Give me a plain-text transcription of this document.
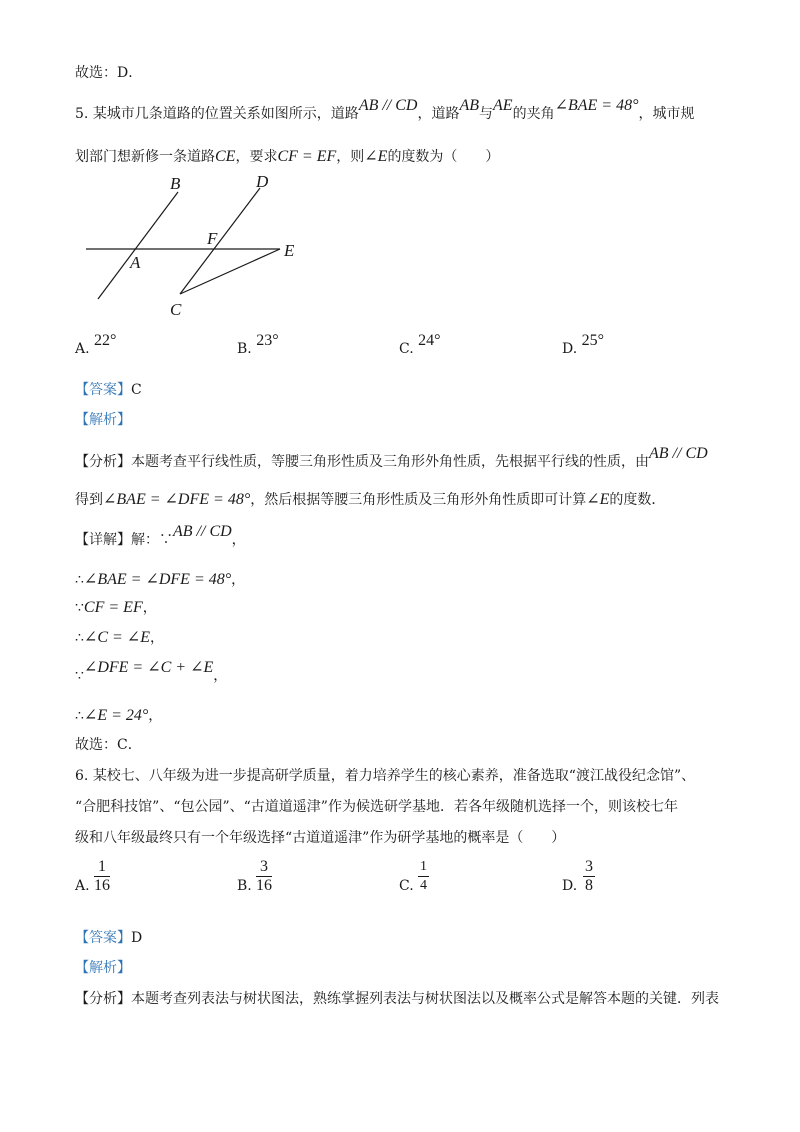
故选：D．
5. 某城市几条道路的位置关系如图所示，道路AB // CD，道路AB与AE的夹角∠BAE = 48°，城市规
划部门想新修一条道路CE，要求CF = EF，则∠E的度数为（　　）
B	D
F
A
E
C
A. 22°	B. 23°	C. 24°	D. 25°
【答案】C
【解析】
【分析】本题考查平行线性质，等腰三角形性质及三角形外角性质，先根据平行线的性质，由AB // CD
得到∠BAE = ∠DFE = 48°，然后根据等腰三角形性质及三角形外角性质即可计算∠E的度数．
【详解】解：∵AB // CD，
∴∠BAE = ∠DFE = 48°，
∵CF = EF，
∴∠C = ∠E，
∵∠DFE = ∠C + ∠E，
∴∠E = 24°，
故选：C．
6. 某校七、八年级为进一步提高研学质量，着力培养学生的核心素养，准备选取“渡江战役纪念馆”、
“合肥科技馆”、“包公园”、“古道道遥津”作为候选研学基地．若各年级随机选择一个，则该校七年
级和八年级最终只有一个年级选择“古道道遥津”作为研学基地的概率是（　　）
A. $\frac{1}{16}$	B. $\frac{3}{16}$	C. $\frac{1}{4}$	D. $\frac{3}{8}$
【答案】D
【解析】
【分析】本题考查列表法与树状图法，熟练掌握列表法与树状图法以及概率公式是解答本题的关键．列表
